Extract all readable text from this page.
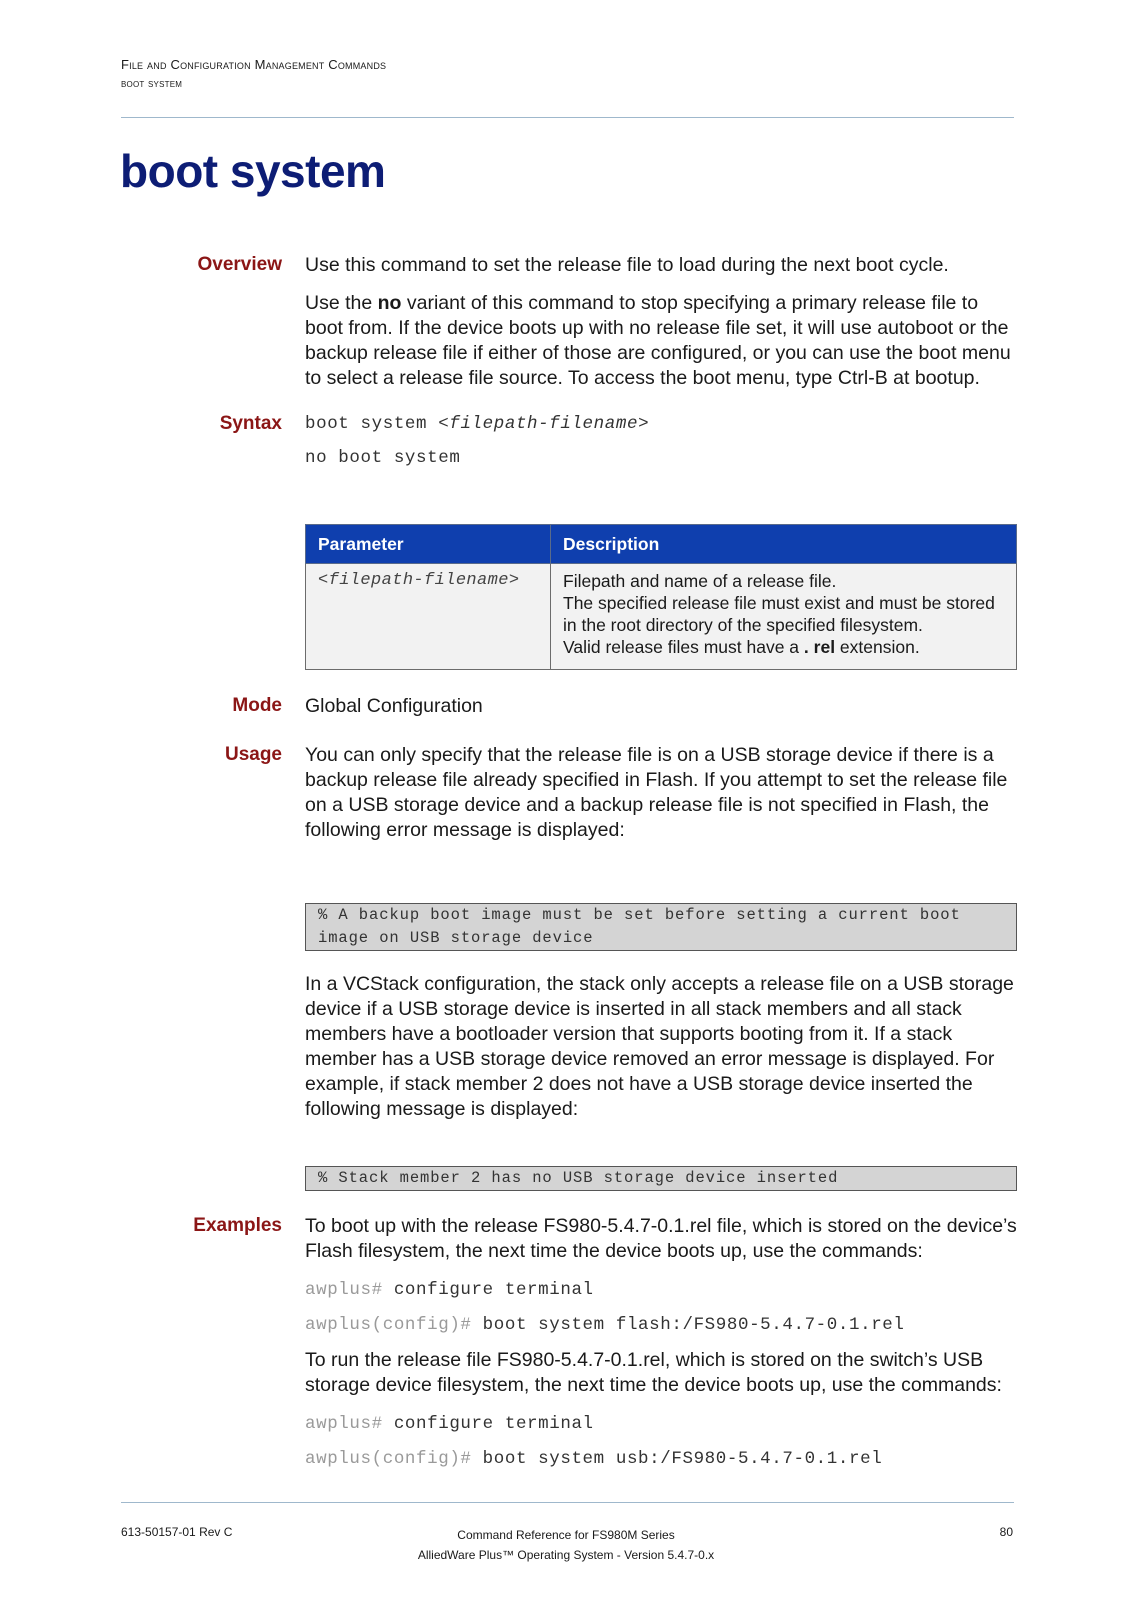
File and Configuration Management Commands
boot system
boot system
Overview Use this command to set the release file to load during the next boot cycle.
Use the no variant of this command to stop specifying a primary release file to boot from. If the device boots up with no release file set, it will use autoboot or the backup release file if either of those are configured, or you can use the boot menu to select a release file source. To access the boot menu, type Ctrl-B at bootup.
Syntax boot system <filepath-filename>
no boot system
Parameter	Description
<filepath-filename>	Filepath and name of a release file.
The specified release file must exist and must be stored in the root directory of the specified filesystem.
Valid release files must have a . rel extension.
Mode Global Configuration
Usage You can only specify that the release file is on a USB storage device if there is a backup release file already specified in Flash. If you attempt to set the release file on a USB storage device and a backup release file is not specified in Flash, the following error message is displayed:
% A backup boot image must be set before setting a current boot
image on USB storage device
In a VCStack configuration, the stack only accepts a release file on a USB storage device if a USB storage device is inserted in all stack members and all stack members have a bootloader version that supports booting from it. If a stack member has a USB storage device removed an error message is displayed. For example, if stack member 2 does not have a USB storage device inserted the following message is displayed:
% Stack member 2 has no USB storage device inserted
Examples To boot up with the release FS980-5.4.7-0.1.rel file, which is stored on the device’s Flash filesystem, the next time the device boots up, use the commands:
awplus# configure terminal
awplus(config)# boot system flash:/FS980-5.4.7-0.1.rel
To run the release file FS980-5.4.7-0.1.rel, which is stored on the switch’s USB storage device filesystem, the next time the device boots up, use the commands:
awplus# configure terminal
awplus(config)# boot system usb:/FS980-5.4.7-0.1.rel
613-50157-01 Rev C	Command Reference for FS980M Series
AlliedWare Plus™ Operating System - Version 5.4.7-0.x
80
